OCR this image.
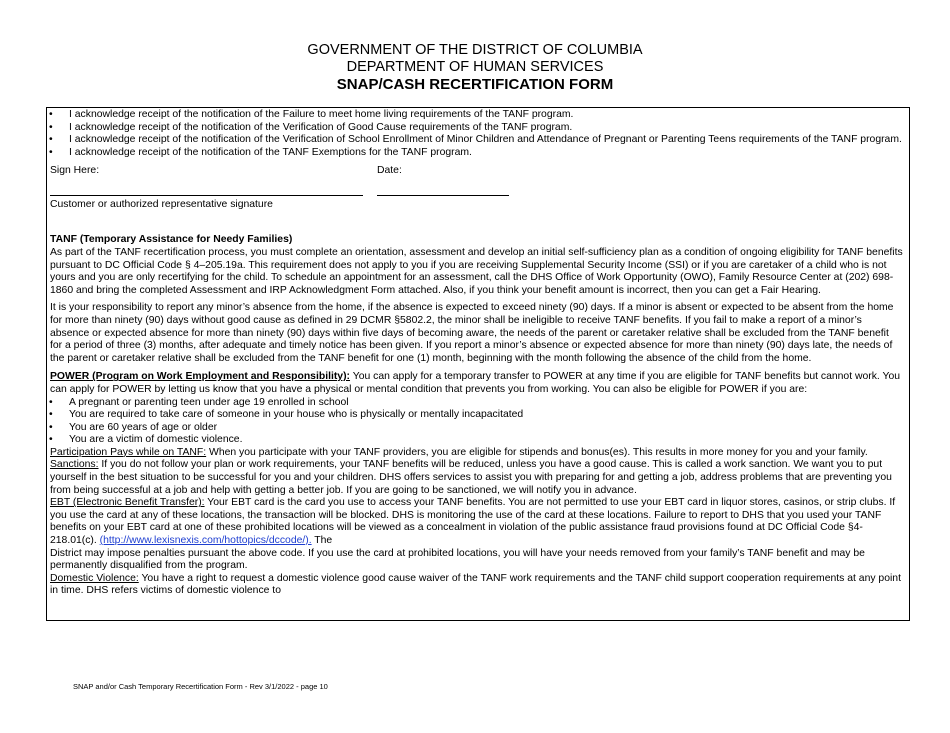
GOVERNMENT OF THE DISTRICT OF COLUMBIA
DEPARTMENT OF HUMAN SERVICES
SNAP/CASH RECERTIFICATION FORM
• I acknowledge receipt of the notification of the Failure to meet home living requirements of the TANF program.
• I acknowledge receipt of the notification of the Verification of Good Cause requirements of the TANF program.
• I acknowledge receipt of the notification of the Verification of School Enrollment of Minor Children and Attendance of Pregnant or Parenting Teens requirements of the TANF program.
• I acknowledge receipt of the notification of the TANF Exemptions for the TANF program.
Sign Here:	Date:
Customer or authorized representative signature
TANF (Temporary Assistance for Needy Families)

As part of the TANF recertification process, you must complete an orientation, assessment and develop an initial self-sufficiency plan as a condition of ongoing eligibility for TANF benefits pursuant to DC Official Code § 4–205.19a. This requirement does not apply to you if you are receiving Supplemental Security Income (SSI) or if you are caretaker of a child who is not yours and you are only recertifying for the child. To schedule an appointment for an assessment, call the DHS Office of Work Opportunity (OWO), Family Resource Center at (202) 698-1860 and bring the completed Assessment and IRP Acknowledgment Form attached. Also, if you think your benefit amount is incorrect, then you can get a Fair Hearing.

It is your responsibility to report any minor’s absence from the home, if the absence is expected to exceed ninety (90) days. If a minor is absent or expected to be absent from the home for more than ninety (90) days without good cause as defined in 29 DCMR §5802.2, the minor shall be ineligible to receive TANF benefits. If you fail to make a report of a minor’s absence or expected absence for more than ninety (90) days within five days of becoming aware, the needs of the parent or caretaker relative shall be excluded from the TANF benefit for a period of three (3) months, after adequate and timely notice has been given. If you report a minor’s absence or expected absence for more than ninety (90) days late, the needs of the parent or caretaker relative shall be excluded from the TANF benefit for one (1) month, beginning with the month following the absence of the child from the home.

POWER (Program on Work Employment and Responsibility): You can apply for a temporary transfer to POWER at any time if you are eligible for TANF benefits but cannot work. You can apply for POWER by letting us know that you have a physical or mental condition that prevents you from working. You can also be eligible for POWER if you are:

• A pregnant or parenting teen under age 19 enrolled in school
• You are required to take care of someone in your house who is physically or mentally incapacitated
• You are 60 years of age or older
• You are a victim of domestic violence.

Participation Pays while on TANF: When you participate with your TANF providers, you are eligible for stipends and bonus(es). This results in more money for you and your family.

Sanctions: If you do not follow your plan or work requirements, your TANF benefits will be reduced, unless you have a good cause. This is called a work sanction. We want you to put yourself in the best situation to be successful for you and your children. DHS offers services to assist you with preparing for and getting a job, address problems that are preventing you from being successful at a job and help with getting a better job. If you are going to be sanctioned, we will notify you in advance.

EBT (Electronic Benefit Transfer): Your EBT card is the card you use to access your TANF benefits. You are not permitted to use your EBT card in liquor stores, casinos, or strip clubs. If you use the card at any of these locations, the transaction will be blocked. DHS is monitoring the use of the card at these locations. Failure to report to DHS that you used your TANF benefits on your EBT card at one of these prohibited locations will be viewed as a concealment in violation of the public assistance fraud provisions found at DC Official Code §4-218.01(c). (http://www.lexisnexis.com/hottopics/dccode/). The

District may impose penalties pursuant the above code. If you use the card at prohibited locations, you will have your needs removed from your family’s TANF benefit and may be permanently disqualified from the program.

Domestic Violence: You have a right to request a domestic violence good cause waiver of the TANF work requirements and the TANF child support cooperation requirements at any point in time. DHS refers victims of domestic violence to

SNAP and/or Cash Temporary Recertification Form - Rev 3/1/2022 - page 10
